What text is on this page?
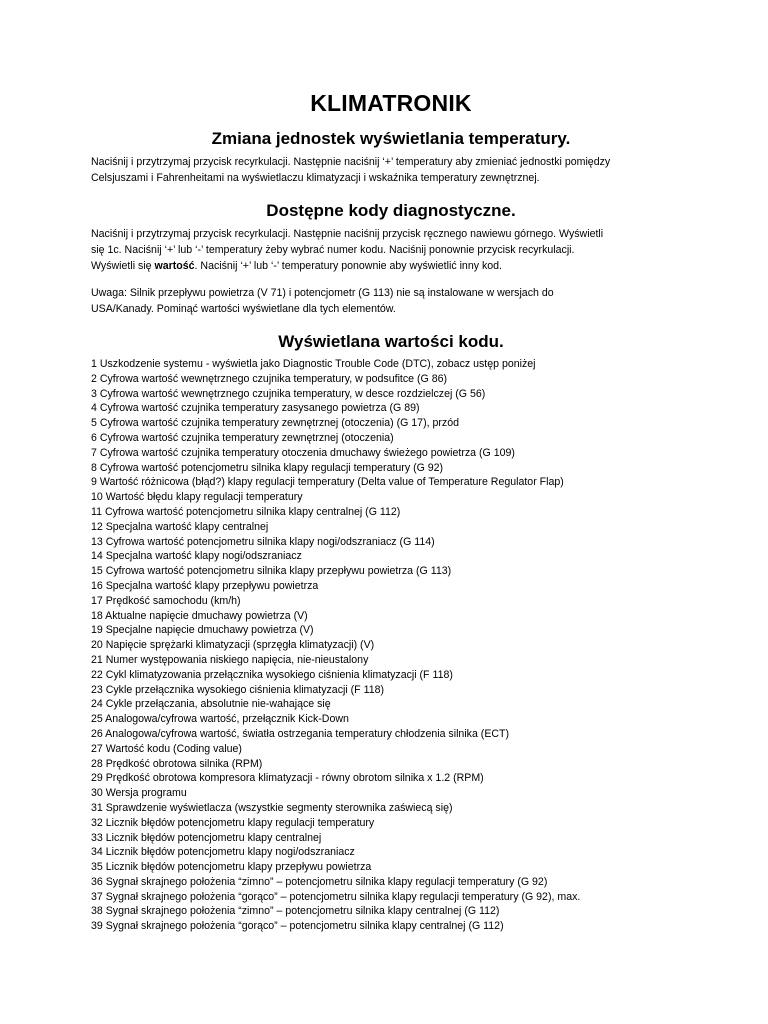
KLIMATRONIK
Zmiana jednostek wyświetlania temperatury.

Naciśnij i przytrzymaj przycisk recyrkulacji. Następnie naciśnij ‘+’ temperatury aby zmieniać jednostki pomiędzy
Celsjuszami i Fahrenheitami na wyświetlaczu klimatyzacji i wskaźnika temperatury zewnętrznej.

Dostępne kody diagnostyczne.

Naciśnij i przytrzymaj przycisk recyrkulacji. Następnie naciśnij przycisk ręcznego nawiewu górnego. Wyświetli
się 1c. Naciśnij ‘+’ lub ‘-’ temperatury żeby wybrać numer kodu. Naciśnij ponownie przycisk recyrkulacji.
Wyświetli się wartość. Naciśnij ‘+’ lub ‘-’ temperatury ponownie aby wyświetlić inny kod.

Uwaga: Silnik przepływu powietrza (V 71) i potencjometr (G 113) nie są instalowane w wersjach do
USA/Kanady. Pominąć wartości wyświetlane dla tych elementów.

Wyświetlana wartości kodu.
1 Uszkodzenie systemu - wyświetla jako Diagnostic Trouble Code (DTC), zobacz ustęp poniżej
2 Cyfrowa wartość wewnętrznego czujnika temperatury, w podsufitce (G 86)
3 Cyfrowa wartość wewnętrznego czujnika temperatury, w desce rozdzielczej (G 56)
4 Cyfrowa wartość czujnika temperatury zasysanego powietrza (G 89)
5 Cyfrowa wartość czujnika temperatury zewnętrznej (otoczenia) (G 17), przód
6 Cyfrowa wartość czujnika temperatury zewnętrznej (otoczenia)
7 Cyfrowa wartość czujnika temperatury otoczenia dmuchawy świeżego powietrza (G 109)
8 Cyfrowa wartość potencjometru silnika klapy regulacji temperatury (G 92)
9 Wartość różnicowa (błąd?) klapy regulacji temperatury (Delta value of Temperature Regulator Flap)
10 Wartość błędu klapy regulacji temperatury
11 Cyfrowa wartość potencjometru silnika klapy centralnej (G 112)
12 Specjalna wartość klapy centralnej
13 Cyfrowa wartość potencjometru silnika klapy nogi/odszraniacz (G 114)
14 Specjalna wartość klapy nogi/odszraniacz
15 Cyfrowa wartość potencjometru silnika klapy przepływu powietrza (G 113)
16 Specjalna wartość klapy przepływu powietrza
17 Prędkość samochodu (km/h)
18 Aktualne napięcie dmuchawy powietrza (V)
19 Specjalne napięcie dmuchawy powietrza (V)
20 Napięcie sprężarki klimatyzacji (sprzęgła klimatyzacji) (V)
21 Numer występowania niskiego napięcia, nie-nieustalony
22 Cykl klimatyzowania przełącznika wysokiego ciśnienia klimatyzacji (F 118)
23 Cykle przełącznika wysokiego ciśnienia klimatyzacji (F 118)
24 Cykle przełączania, absolutnie nie-wahające się
25 Analogowa/cyfrowa wartość, przełącznik Kick-Down
26 Analogowa/cyfrowa wartość, światła ostrzegania temperatury chłodzenia silnika (ECT)
27 Wartość kodu (Coding value)
28 Prędkość obrotowa silnika (RPM)
29 Prędkość obrotowa kompresora klimatyzacji - równy obrotom silnika x 1.2 (RPM)
30 Wersja programu
31 Sprawdzenie wyświetlacza (wszystkie segmenty sterownika zaświecą się)
32 Licznik błędów potencjometru klapy regulacji temperatury
33 Licznik błędów potencjometru klapy centralnej
34 Licznik błędów potencjometru klapy nogi/odszraniacz
35 Licznik błędów potencjometru klapy przepływu powietrza
36 Sygnał skrajnego położenia “zimno” – potencjometru silnika klapy regulacji temperatury (G 92)
37 Sygnał skrajnego położenia “gorąco” – potencjometru silnika klapy regulacji temperatury (G 92), max.
38 Sygnał skrajnego położenia “zimno” – potencjometru silnika klapy centralnej (G 112)
39 Sygnał skrajnego położenia “gorąco” – potencjometru silnika klapy centralnej (G 112)
